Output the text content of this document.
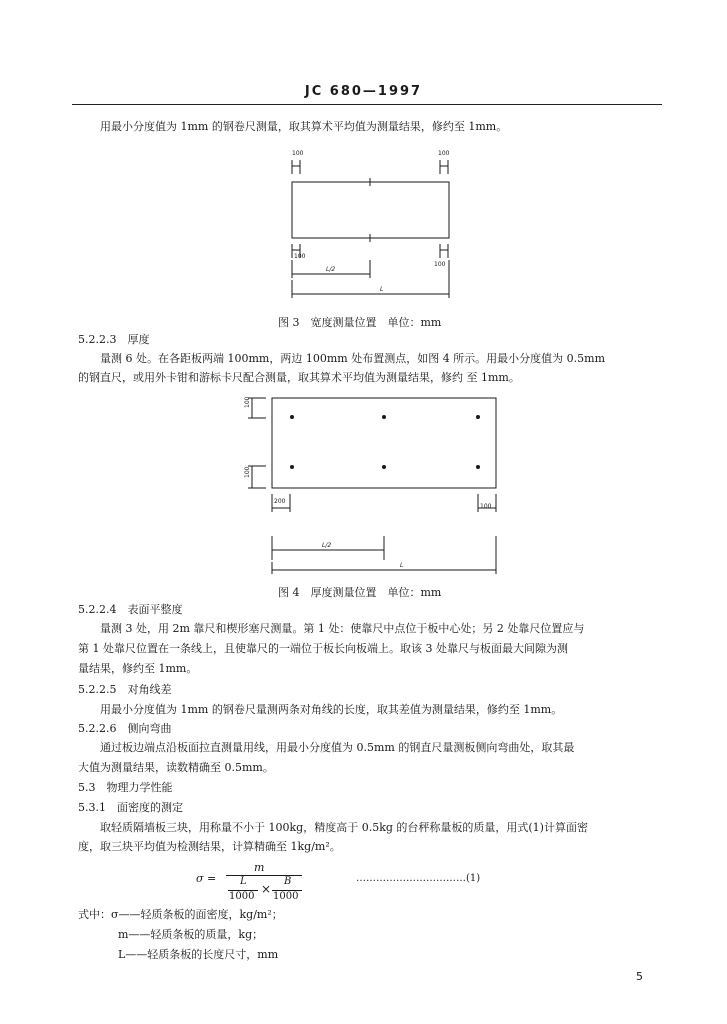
JC 680—1997
用最小分度值为 1mm 的钢卷尺测量，取其算术平均值为测量结果，修约至 1mm。
100	100
100
100
L/2
L
图 3　宽度测量位置　单位：mm
5.2.2.3　厚度
量测 6 处。在各距板两端 100mm，两边 100mm 处布置测点，如图 4 所示。用最小分度值为 0.5mm
的钢直尺，或用外卡钳和游标卡尺配合测量，取其算术平均值为测量结果，修约 至 1mm。
100
100
200
100
L/2
L
图 4　厚度测量位置　单位：mm
5.2.2.4　表面平整度
量测 3 处，用 2m 靠尺和楔形塞尺测量。第 1 处：使靠尺中点位于板中心处；另 2 处靠尺位置应与
第 1 处靠尺位置在一条线上，且使靠尺的一端位于板长向板端上。取该 3 处靠尺与板面最大间隙为测
量结果，修约至 1mm。
5.2.2.5　对角线差
用最小分度值为 1mm 的钢卷尺量测两条对角线的长度，取其差值为测量结果，修约至 1mm。
5.2.2.6　侧向弯曲
通过板边端点沿板面拉直测量用线，用最小分度值为 0.5mm 的钢直尺量测板侧向弯曲处，取其最
大值为测量结果，读数精确至 0.5mm。
5.3　物理力学性能
5.3.1　面密度的测定
取轻质隔墙板三块，用称量不小于 100kg，精度高于 0.5kg 的台秤称量板的质量，用式(1)计算面密
度，取三块平均值为检测结果，计算精确至 1kg/m²。
σ =
m
L
1000
×
B
1000
……………………………(1)
式中：σ——轻质条板的面密度，kg/m²；
m——轻质条板的质量，kg；
L——轻质条板的长度尺寸，mm
5
